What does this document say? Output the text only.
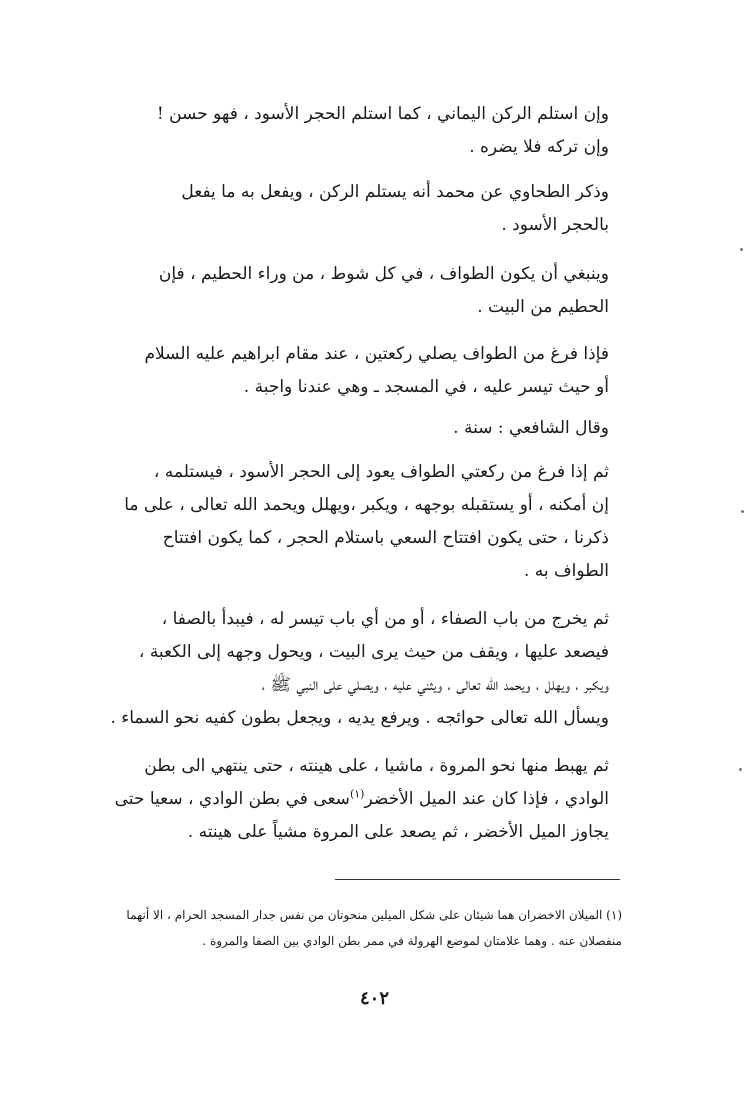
وإن استلم الركن اليماني ، كما استلم الحجر الأسود ، فهو حسن !
وإن تركه فلا يضره .

وذكر الطحاوي عن محمد أنه يستلم الركن ، ويفعل به ما يفعل
بالحجر الأسود .

وينبغي أن يكون الطواف ، في كل شوط ، من وراء الحطيم ، فإن
الحطيم من البيت .

فإذا فرغ من الطواف يصلي ركعتين ، عند مقام ابراهيم عليه السلام
أو حيث تيسر عليه ، في المسجد ـ وهي عندنا واجبة .

وقال الشافعي : سنة .

ثم إذا فرغ من ركعتي الطواف يعود إلى الحجر الأسود ، فيستلمه ،
إن أمكنه ، أو يستقبله بوجهه ، ويكبر ،ويهلل ويحمد الله تعالى ، على ما
ذكرنا ، حتى يكون افتتاح السعي باستلام الحجر ، كما يكون افتتاح
الطواف به .

ثم يخرج من باب الصفاء ، أو من أي باب تيسر له ، فيبدأ بالصفا ،
فيصعد عليها ، ويقف من حيث يرى البيت ، ويحول وجهه إلى الكعبة ،
ويكبر ، ويهلل ، ويحمد الله تعالى ، ويثني عليه ، ويصلي على النبي ﷺ ،
ويسأل الله تعالى حوائجه . ويرفع يديه ، ويجعل بطون كفيه نحو السماء .

ثم يهبط منها نحو المروة ، ماشيا ، على هينته ، حتى ينتهي الى بطن
الوادي ، فإذا كان عند الميل الأخضر$^{(١)}$سعى في بطن الوادي ، سعيا حتى
يجاوز الميل الأخضر ، ثم يصعد على المروة مشياً على هينته .

(١) الميلان الاخضران هما شيئان على شكل الميلين منحوتان من نفس جدار المسجد الحرام ، الا أنهما
منفصلان عنه . وهما علامتان لموضع الهرولة في ممر بطن الوادي بين الصفا والمروة .
٤٠٢
